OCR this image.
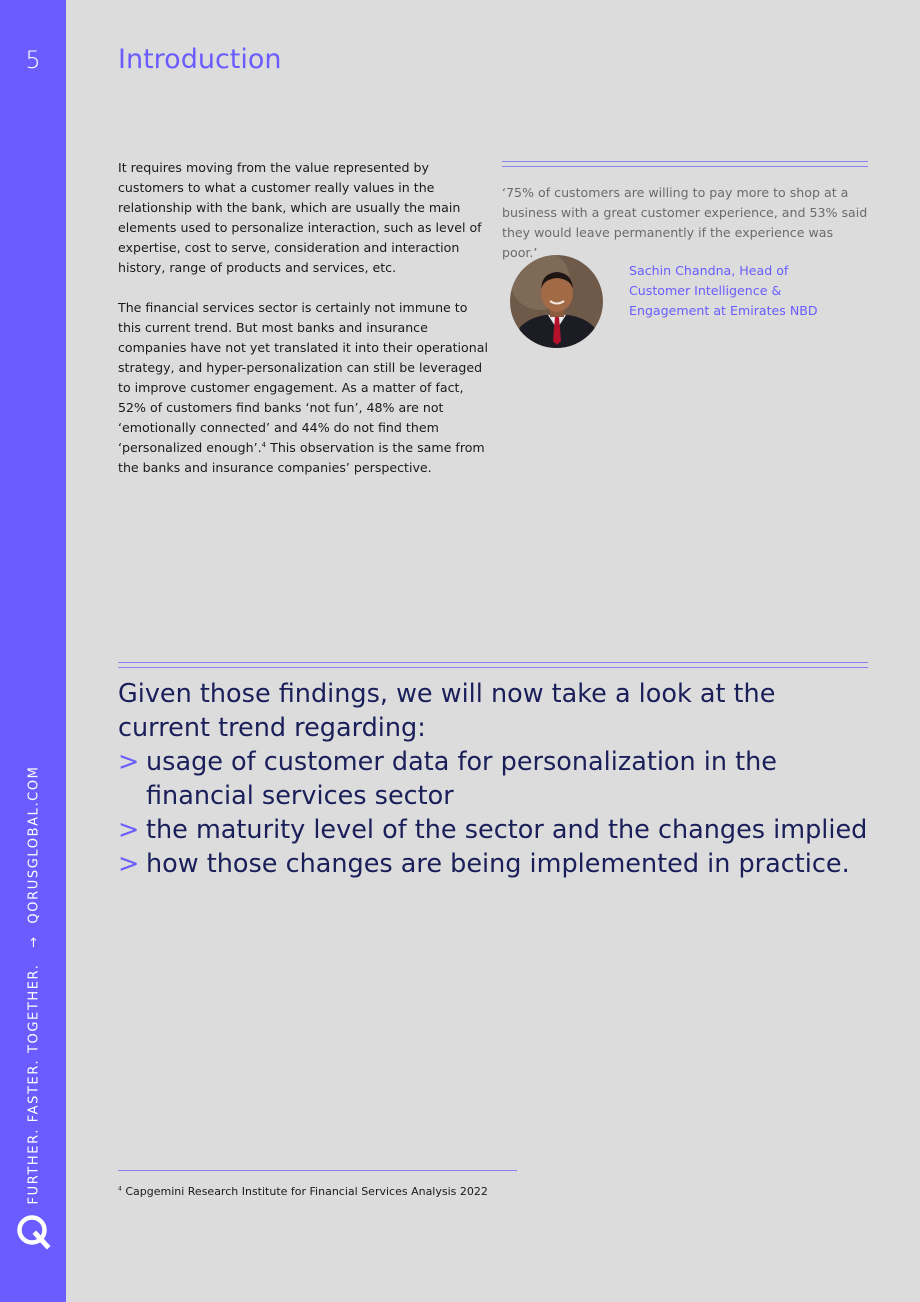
5
FURTHER. FASTER. TOGETHER. → QORUSGLOBAL.COM
Introduction

It requires moving from the value represented by customers to what a customer really values in the relationship with the bank, which are usually the main elements used to personalize interaction, such as level of expertise, cost to serve, consideration and interaction history, range of products and services, etc.

The financial services sector is certainly not immune to this current trend. But most banks and insurance companies have not yet translated it into their operational strategy, and hyper-personalization can still be leveraged to improve customer engagement. As a matter of fact, 52% of customers find banks ‘not fun’, 48% are not ‘emotionally connected’ and 44% do not find them ‘personalized enough’.$^4$ This observation is the same from the banks and insurance companies’ perspective.

‘75% of customers are willing to pay more to shop at a business with a great customer experience, and 53% said they would leave permanently if the experience was poor.’

Sachin Chandna, Head of Customer Intelligence & Engagement at Emirates NBD

Given those findings, we will now take a look at the current trend regarding:

> usage of customer data for personalization in the financial services sector
> the maturity level of the sector and the changes implied
> how those changes are being implemented in practice.

$^4$ Capgemini Research Institute for Financial Services Analysis 2022
